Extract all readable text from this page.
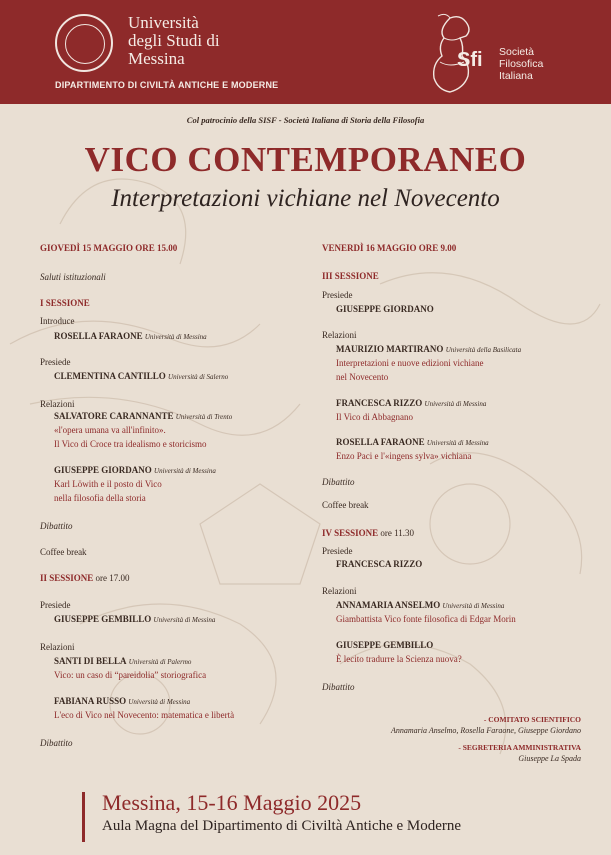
Università
degli Studi di
Messina
DIPARTIMENTO DI CIVILTÀ ANTICHE E MODERNE
Sfi Società
Filosofica
Italiana
Col patrocinio della SISF - Società Italiana di Storia della Filosofia
VICO CONTEMPORANEO
Interpretazioni vichiane nel Novecento
GIOVEDÌ 15 MAGGIO ORE 15.00
Saluti istituzionali
I SESSIONE
Introduce
ROSELLA FARAONE Università di Messina
Presiede
CLEMENTINA CANTILLO Università di Salerno
Relazioni
SALVATORE CARANNANTE Università di Trento
«l'opera umana va all'infinito».
Il Vico di Croce tra idealismo e storicismo
GIUSEPPE GIORDANO Università di Messina
Karl Löwith e il posto di Vico
nella filosofia della storia
Dibattito
Coffee break
II SESSIONE ore 17.00
Presiede
GIUSEPPE GEMBILLO Università di Messina
Relazioni
SANTI DI BELLA Università di Palermo
Vico: un caso di “pareidolia” storiografica
FABIANA RUSSO Università di Messina
L'eco di Vico nel Novecento: matematica e libertà
Dibattito
VENERDÌ 16 MAGGIO ORE 9.00
III SESSIONE
Presiede
GIUSEPPE GIORDANO
Relazioni
MAURIZIO MARTIRANO Università della Basilicata
Interpretazioni e nuove edizioni vichiane
nel Novecento
FRANCESCA RIZZO Università di Messina
Il Vico di Abbagnano
ROSELLA FARAONE Università di Messina
Enzo Paci e l'«ingens sylva» vichiana
Dibattito
Coffee break
IV SESSIONE ore 11.30
Presiede
FRANCESCA RIZZO
Relazioni
ANNAMARIA ANSELMO Università di Messina
Giambattista Vico fonte filosofica di Edgar Morin
GIUSEPPE GEMBILLO
È lecito tradurre la Scienza nuova?
Dibattito
- COMITATO SCIENTIFICO
Annamaria Anselmo, Rosella Faraone, Giuseppe Giordano
- SEGRETERIA AMMINISTRATIVA
Giuseppe La Spada
Messina, 15-16 Maggio 2025
Aula Magna del Dipartimento di Civiltà Antiche e Moderne
